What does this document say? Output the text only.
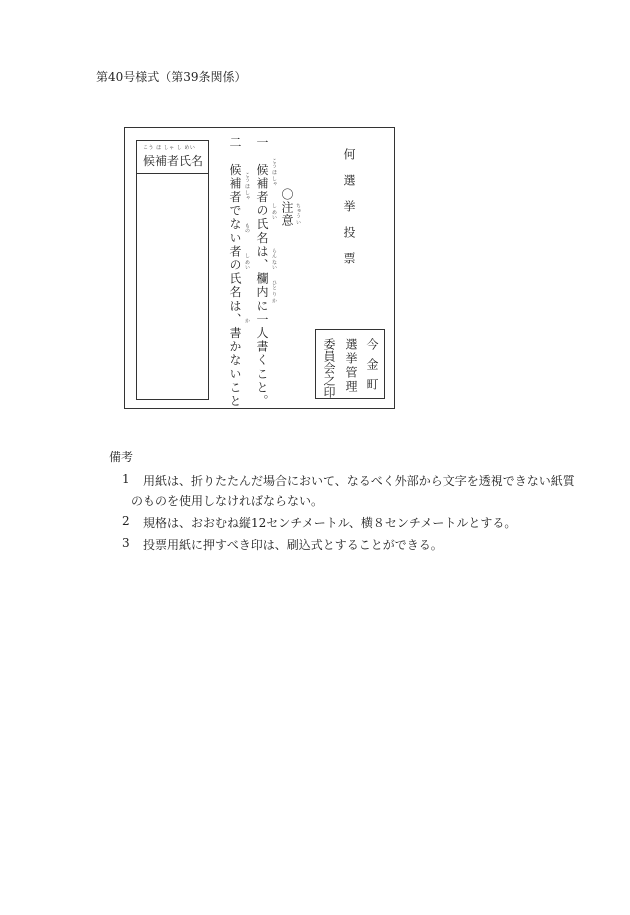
第40号様式（第39条関係）
こう ほ しゃ し めい
候補者氏名 二　候補者でない者の氏名は、書かないこと こう ほ しゃ
もの
し めい
か 一　候補者の氏名は、欄内に一人書くこと。 こう ほ しゃ
し めい
らん ない
ひと り か
〇注意 ちゅう い	何選挙投票
今金町
選挙管理
委員会之印
備考
1 用紙は、折りたたんだ場合において、なるべく外部から文字を透視できない紙質
のものを使用しなければならない。
2 規格は、おおむね縦12センチメートル、横８センチメートルとする。
3 投票用紙に押すべき印は、刷込式とすることができる。
